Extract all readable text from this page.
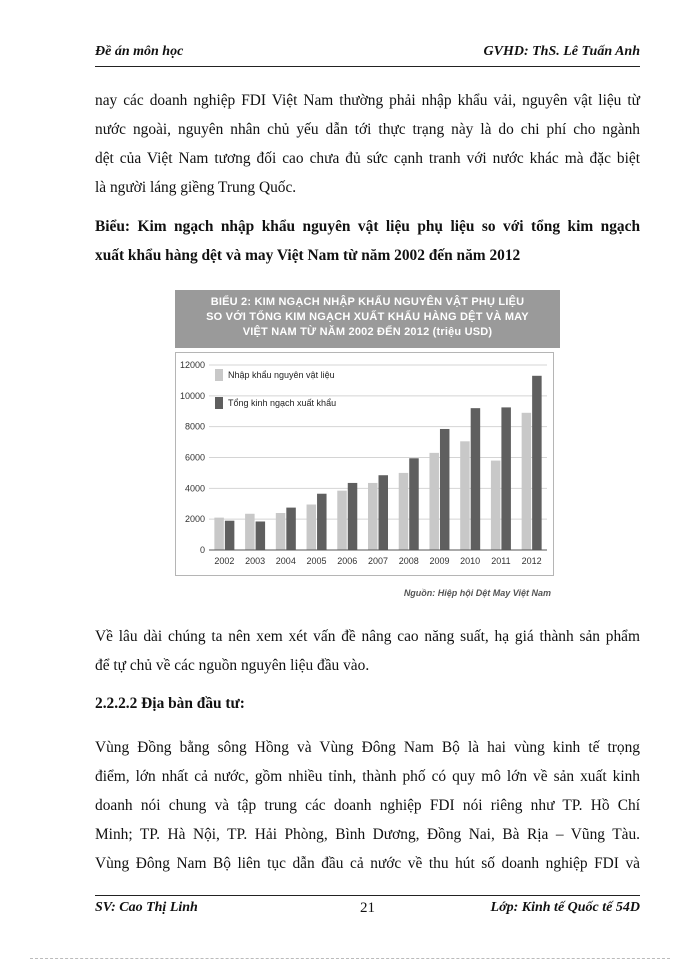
Đề án môn học	GVHD: ThS. Lê Tuấn Anh
nay các doanh nghiệp FDI Việt Nam thường phải nhập khẩu vải, nguyên vật liệu từ
nước ngoài, nguyên nhân chủ yếu dẫn tới thực trạng này là do chi phí cho ngành
dệt của Việt Nam tương đối cao chưa đủ sức cạnh tranh với nước khác mà đặc biệt
là người láng giềng Trung Quốc.
Biểu: Kim ngạch nhập khẩu nguyên vật liệu phụ liệu so với tổng kim ngạch
xuất khẩu hàng dệt và may Việt Nam từ năm 2002 đến năm 2012
BIỂU 2: KIM NGẠCH NHẬP KHẨU NGUYÊN VẬT PHỤ LIỆU
SO VỚI TỔNG KIM NGẠCH XUẤT KHẨU HÀNG DỆT VÀ MAY
VIỆT NAM TỪ NĂM 2002 ĐẾN 2012 (triệu USD)
0
2000
4000
6000
8000
10000
12000
2002 2003 2004 2005 2006 2007 2008 2009 2010 2011 2012
Nhập khẩu nguyên vật liệu
Tổng kinh ngạch xuất khẩu
Nguồn: Hiệp hội Dệt May Việt Nam
Về lâu dài chúng ta nên xem xét vấn đề nâng cao năng suất, hạ giá thành sản phẩm
để tự chủ về các nguồn nguyên liệu đầu vào.
2.2.2.2 Địa bàn đầu tư:
Vùng Đồng bằng sông Hồng và Vùng Đông Nam Bộ là hai vùng kinh tế trọng
điểm, lớn nhất cả nước, gồm nhiều tỉnh, thành phố có quy mô lớn về sản xuất kinh
doanh nói chung và tập trung các doanh nghiệp FDI nói riêng như TP. Hồ Chí
Minh; TP. Hà Nội, TP. Hải Phòng, Bình Dương, Đồng Nai, Bà Rịa – Vũng Tàu.
Vùng Đông Nam Bộ liên tục dẫn đầu cả nước về thu hút số doanh nghiệp FDI và
SV: Cao Thị Linh	21	Lớp: Kinh tế Quốc tế 54D
